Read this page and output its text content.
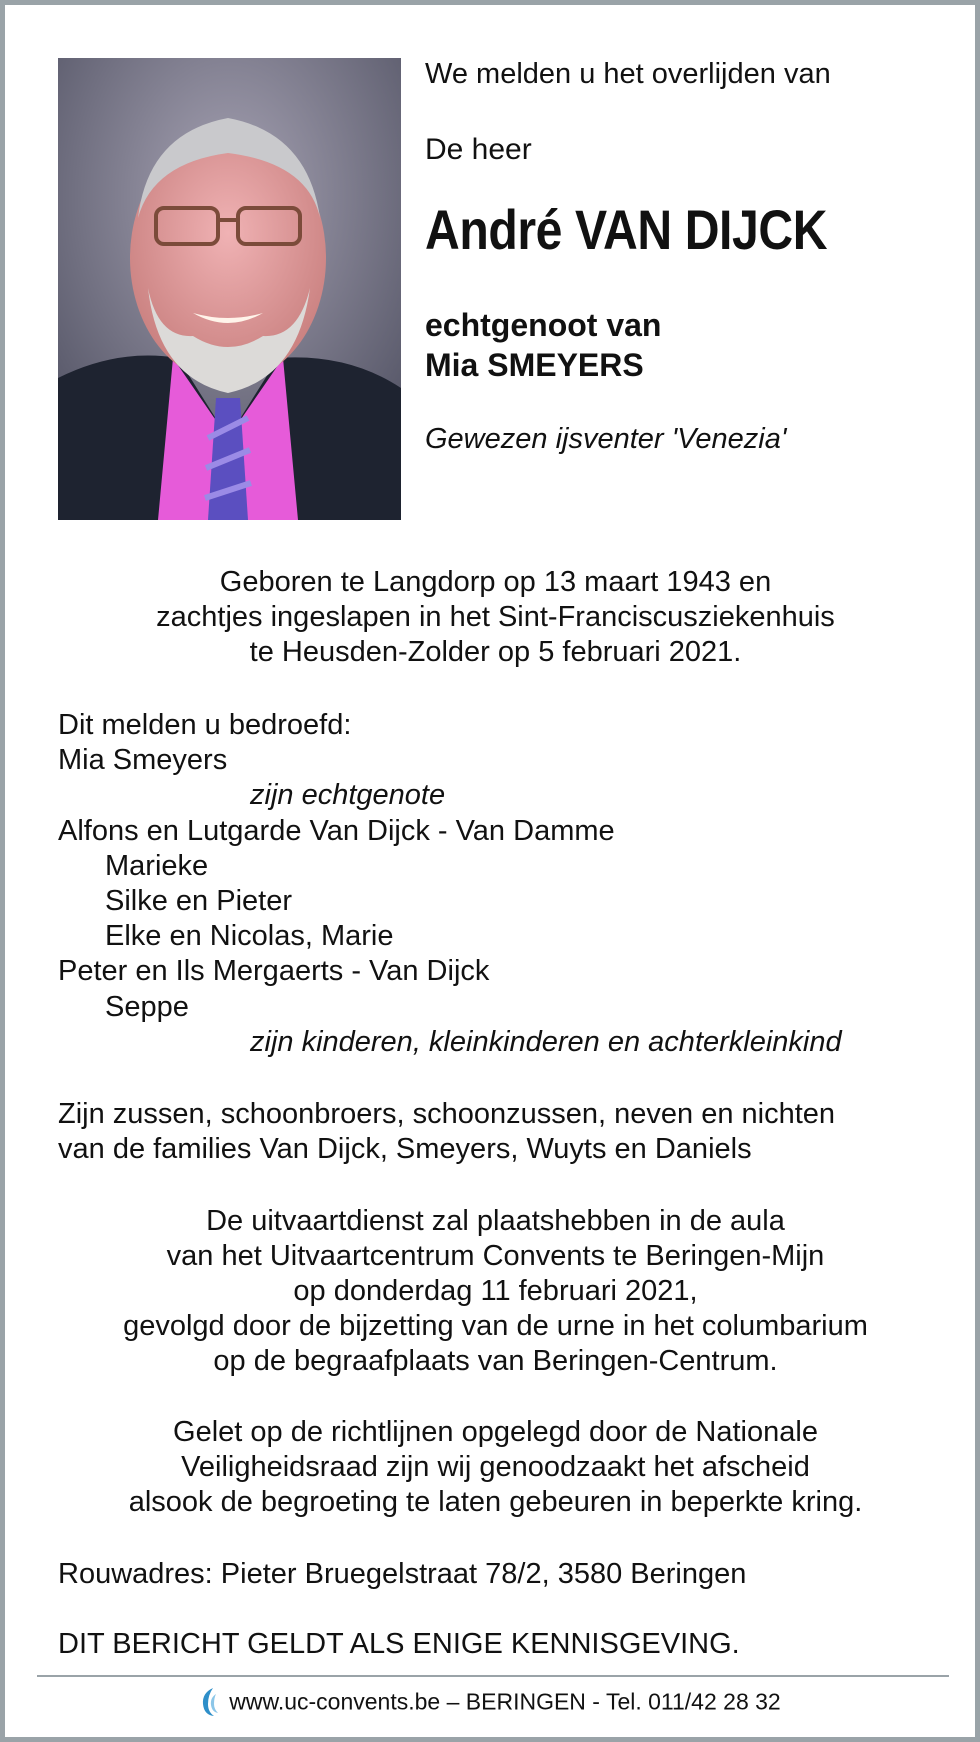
We melden u het overlijden van
De heer
André VAN DIJCK
echtgenoot van
Mia SMEYERS
Gewezen ijsventer 'Venezia'
Geboren te Langdorp op 13 maart 1943 en
zachtjes ingeslapen in het Sint-Franciscusziekenhuis
te Heusden-Zolder op 5 februari 2021.
Dit melden u bedroefd:
Mia Smeyers
zijn echtgenote
Alfons en Lutgarde Van Dijck - Van Damme
Marieke
Silke en Pieter
Elke en Nicolas, Marie
Peter en Ils Mergaerts - Van Dijck
Seppe
zijn kinderen, kleinkinderen en achterkleinkind
Zijn zussen, schoonbroers, schoonzussen, neven en nichten
van de families Van Dijck, Smeyers, Wuyts en Daniels
De uitvaartdienst zal plaatshebben in de aula
van het Uitvaartcentrum Convents te Beringen-Mijn
op donderdag 11 februari 2021,
gevolgd door de bijzetting van de urne in het columbarium
op de begraafplaats van Beringen-Centrum.
Gelet op de richtlijnen opgelegd door de Nationale
Veiligheidsraad zijn wij genoodzaakt het afscheid
alsook de begroeting te laten gebeuren in beperkte kring.
Rouwadres: Pieter Bruegelstraat 78/2, 3580 Beringen
DIT BERICHT GELDT ALS ENIGE KENNISGEVING.
www.uc-convents.be – BERINGEN - Tel. 011/42 28 32
